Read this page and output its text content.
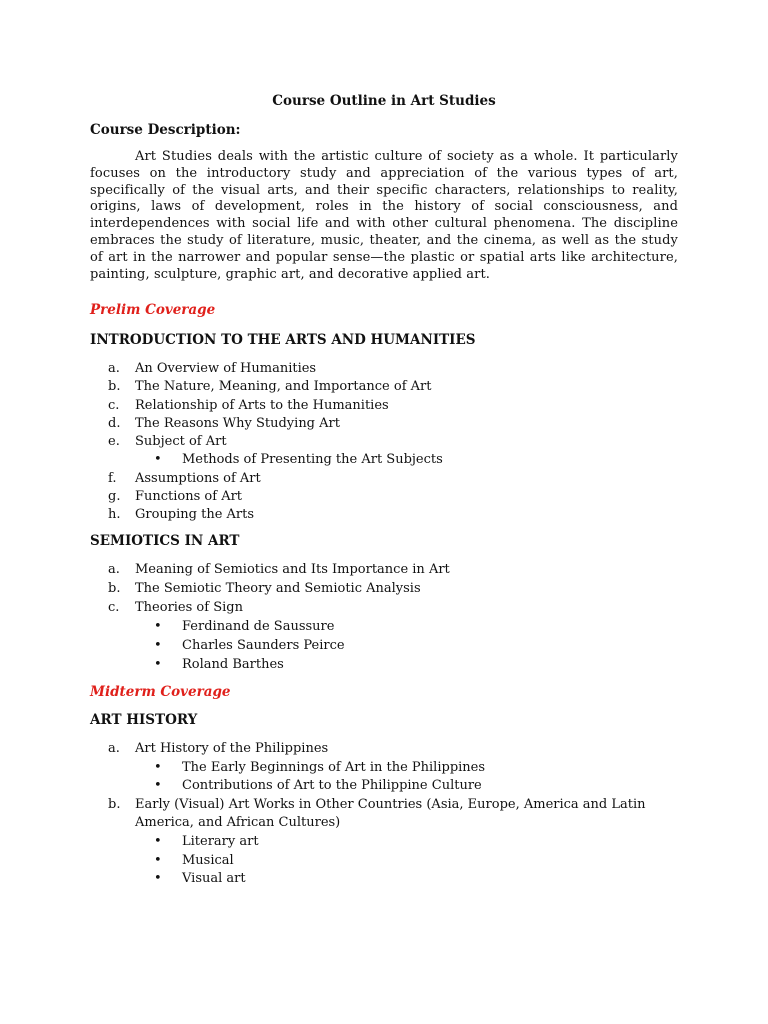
Course Outline in Art Studies
Course Description:
Art Studies deals with the artistic culture of society as a whole. It particularly focuses on the introductory study and appreciation of the various types of art, specifically of the visual arts, and their specific characters, relationships to reality, origins, laws of development, roles in the history of social consciousness, and interdependences with social life and with other cultural phenomena. The discipline embraces the study of literature, music, theater, and the cinema, as well as the study of art in the narrower and popular sense—the plastic or spatial arts like architecture, painting, sculpture, graphic art, and decorative applied art.
Prelim Coverage
INTRODUCTION TO THE ARTS AND HUMANITIES
a.	An Overview of Humanities
b.	The Nature, Meaning, and Importance of Art
c.	Relationship of Arts to the Humanities
d.	The Reasons Why Studying Art
e.	Subject of Art
•	Methods of Presenting the Art Subjects
f.	Assumptions of Art
g.	Functions of Art
h.	Grouping the Arts
SEMIOTICS IN ART
a.	Meaning of Semiotics and Its Importance in Art
b.	The Semiotic Theory and Semiotic Analysis
c.	Theories of Sign
•	Ferdinand de Saussure
•	Charles Saunders Peirce
•	Roland Barthes
Midterm Coverage
ART HISTORY
a.	Art History of the Philippines
•	The Early Beginnings of Art in the Philippines
•	Contributions of Art to the Philippine Culture
b.	Early (Visual) Art Works in Other Countries (Asia, Europe, America and Latin America, and African Cultures)
•	Literary art
•	Musical
•	Visual art
